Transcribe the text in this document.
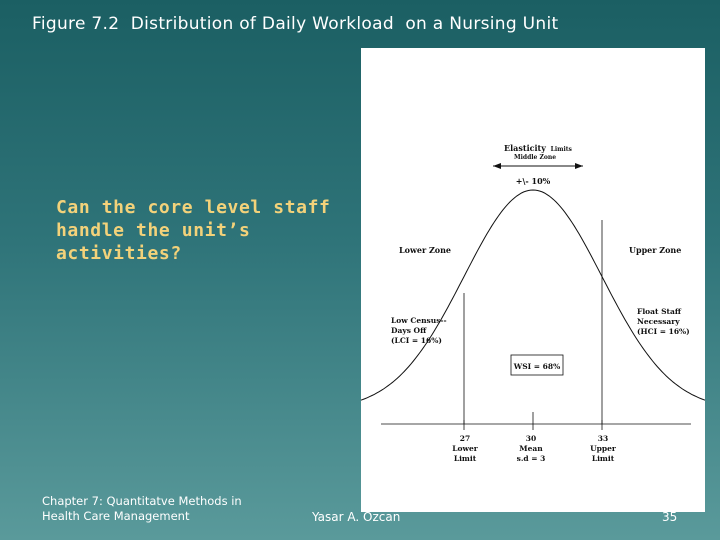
Figure 7.2  Distribution of Daily Workload  on a Nursing Unit
Can the core level staff handle the unit’s activities?
Elasticity Limits
Middle Zone
+\- 10%
Lower Zone	Upper Zone
Low Census--
Days Off
(LCI = 16%)
Float Staff
Necessary
(HCI = 16%)
WSI = 68%
27
Lower
Limit
30
Mean
s.d = 3
33
Upper
Limit
Chapter 7: Quantitatve Methods in Health Care Management	Yasar A. Ozcan	35
